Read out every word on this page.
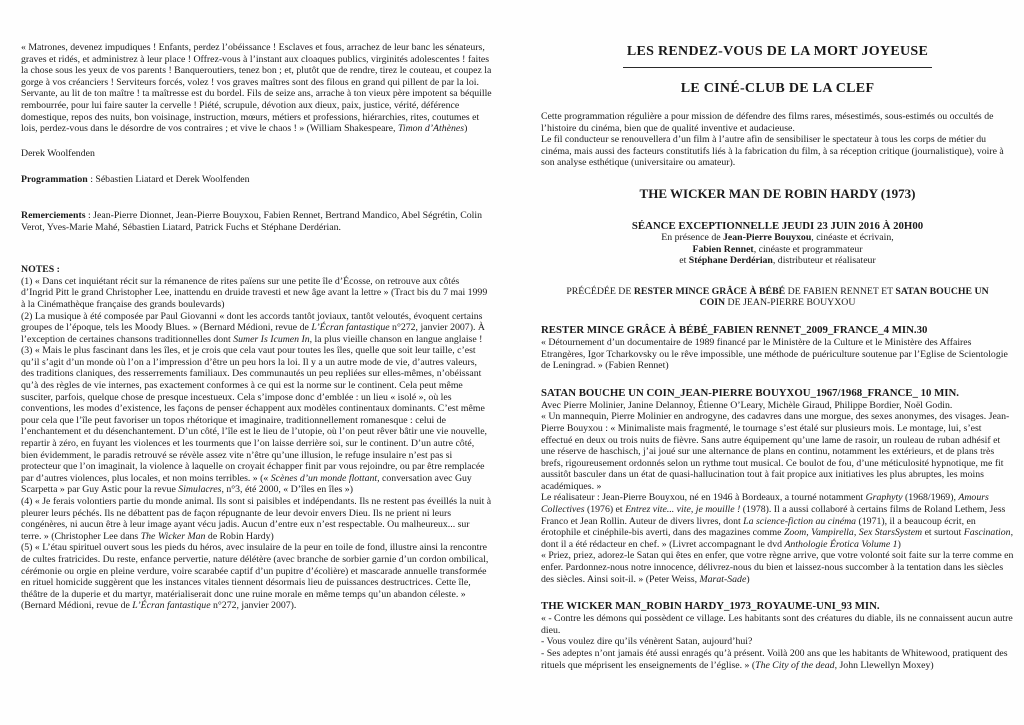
« Matrones, devenez impudiques ! Enfants, perdez l’obéissance ! Esclaves et fous, arrachez de leur banc les sénateurs, graves et ridés, et administrez à leur place ! Offrez-vous à l’instant aux cloaques publics, virginités adolescentes ! faites la chose sous les yeux de vos parents ! Banqueroutiers, tenez bon ; et, plutôt que de rendre, tirez le couteau, et coupez la gorge à vos créanciers ! Serviteurs forcés, volez ! vos graves maîtres sont des filous en grand qui pillent de par la loi. Servante, au lit de ton maître ! ta maîtresse est du bordel. Fils de seize ans, arrache à ton vieux père impotent sa béquille rembourrée, pour lui faire sauter la cervelle ! Piété, scrupule, dévotion aux dieux, paix, justice, vérité, déférence domestique, repos des nuits, bon voisinage, instruction, mœurs, métiers et professions, hiérarchies, rites, coutumes et lois, perdez-vous dans le désordre de vos contraires ; et vive le chaos ! » (William Shakespeare, Timon d’Athènes)

Derek Woolfenden

Programmation : Sébastien Liatard et Derek Woolfenden

Remerciements : Jean-Pierre Dionnet, Jean-Pierre Bouyxou, Fabien Rennet, Bertrand Mandico, Abel Ségrétin, Colin Verot, Yves-Marie Mahé, Sébastien Liatard, Patrick Fuchs et Stéphane Derdérian.

NOTES :

(1) « Dans cet inquiétant récit sur la rémanence de rites païens sur une petite île d’Écosse, on retrouve aux côtés d’Ingrid Pitt le grand Christopher Lee, inattendu en druide travesti et new âge avant la lettre » (Tract bis du 7 mai 1999 à la Cinémathèque française des grands boulevards)

(2) La musique à été composée par Paul Giovanni « dont les accords tantôt joviaux, tantôt veloutés, évoquent certains groupes de l’époque, tels les Moody Blues. » (Bernard Médioni, revue de L’Écran fantastique n°272, janvier 2007). À l’exception de certaines chansons traditionnelles dont Sumer Is Icumen In, la plus vieille chanson en langue anglaise !

(3) « Mais le plus fascinant dans les îles, et je crois que cela vaut pour toutes les îles, quelle que soit leur taille, c’est qu’il s’agit d’un monde où l’on a l’impression d’être un peu hors la loi. Il y a un autre mode de vie, d’autres valeurs, des traditions claniques, des resserrements familiaux. Des communautés un peu repliées sur elles-mêmes, n’obéissant qu’à des règles de vie internes, pas exactement conformes à ce qui est la norme sur le continent. Cela peut même susciter, parfois, quelque chose de presque incestueux. Cela s’impose donc d’emblée : un lieu « isolé », où les conventions, les modes d’existence, les façons de penser échappent aux modèles continentaux dominants. C’est même pour cela que l’île peut favoriser un topos rhétorique et imaginaire, traditionnellement romanesque : celui de l’enchantement et du désenchantement. D’un côté, l’île est le lieu de l’utopie, où l’on peut rêver bâtir une vie nouvelle, repartir à zéro, en fuyant les violences et les tourments que l’on laisse derrière soi, sur le continent. D’un autre côté, bien évidemment, le paradis retrouvé se révèle assez vite n’être qu’une illusion, le refuge insulaire n’est pas si protecteur que l’on imaginait, la violence à laquelle on croyait échapper finit par vous rejoindre, ou par être remplacée par d’autres violences, plus locales, et non moins terribles. » (« Scènes d’un monde flottant, conversation avec Guy Scarpetta » par Guy Astic pour la revue Simulacres, n°3, été 2000, « D’îles en îles »)

(4) « Je ferais volontiers partie du monde animal. Ils sont si paisibles et indépendants. Ils ne restent pas éveillés la nuit à pleurer leurs péchés. Ils ne débattent pas de façon répugnante de leur devoir envers Dieu. Ils ne prient ni leurs congénères, ni aucun être à leur image ayant vécu jadis. Aucun d’entre eux n’est respectable. Ou malheureux... sur terre. » (Christopher Lee dans The Wicker Man de Robin Hardy)

(5) « L’étau spirituel ouvert sous les pieds du héros, avec insulaire de la peur en toile de fond, illustre ainsi la rencontre de cultes fratricides. Du reste, enfance pervertie, nature délétère (avec branche de sorbier garnie d’un cordon ombilical, cérémonie ou orgie en pleine verdure, voire scarabée captif d’un pupitre d’écolière) et mascarade annuelle transformée en rituel homicide suggèrent que les instances vitales tiennent désormais lieu de puissances destructrices. Cette île, théâtre de la duperie et du martyr, matérialiserait donc une ruine morale en même temps qu’un abandon céleste. » (Bernard Médioni, revue de L’Écran fantastique n°272, janvier 2007).

LES RENDEZ-VOUS DE LA MORT JOYEUSE
LE CINÉ-CLUB DE LA CLEF

Cette programmation régulière a pour mission de défendre des films rares, mésestimés, sous-estimés ou occultés de l’histoire du cinéma, bien que de qualité inventive et audacieuse.

Le fil conducteur se renouvellera d’un film à l’autre afin de sensibiliser le spectateur à tous les corps de métier du cinéma, mais aussi des facteurs constitutifs liés à la fabrication du film, à sa réception critique (journalistique), voire à son analyse esthétique (universitaire ou amateur).

THE WICKER MAN DE ROBIN HARDY (1973)

SÉANCE EXCEPTIONNELLE JEUDI 23 JUIN 2016 À 20H00

En présence de Jean-Pierre Bouyxou, cinéaste et écrivain,

Fabien Rennet, cinéaste et programmateur

et Stéphane Derdérian, distributeur et réalisateur

PRÉCÉDÉE DE RESTER MINCE GRÂCE À BÉBÉ DE FABIEN RENNET ET SATAN BOUCHE UN COIN DE JEAN-PIERRE BOUYXOU

RESTER MINCE GRÂCE À BÉBÉ_FABIEN RENNET_2009_FRANCE_4 MIN.30

« Détournement d’un documentaire de 1989 financé par le Ministère de la Culture et le Ministère des Affaires Etrangères, Igor Tcharkovsky ou le rêve impossible, une méthode de puériculture soutenue par l’Eglise de Scientologie de Leningrad. » (Fabien Rennet)

SATAN BOUCHE UN COIN_JEAN-PIERRE BOUYXOU_1967/1968_FRANCE_ 10 MIN.

Avec Pierre Molinier, Janine Delannoy, Étienne O’Leary, Michèle Giraud, Philippe Bordier, Noël Godin.

« Un mannequin, Pierre Molinier en androgyne, des cadavres dans une morgue, des sexes anonymes, des visages. Jean-Pierre Bouyxou : « Minimaliste mais fragmenté, le tournage s’est étalé sur plusieurs mois. Le montage, lui, s’est effectué en deux ou trois nuits de fièvre. Sans autre équipement qu’une lame de rasoir, un rouleau de ruban adhésif et une réserve de haschisch, j’ai joué sur une alternance de plans en continu, notamment les extérieurs, et de plans très brefs, rigoureusement ordonnés selon un rythme tout musical. Ce boulot de fou, d’une méticulosité hypnotique, me fit aussitôt basculer dans un état de quasi-hallucination tout à fait propice aux initiatives les plus abruptes, les moins académiques. »

Le réalisateur : Jean-Pierre Bouyxou, né en 1946 à Bordeaux, a tourné notamment Graphyty (1968/1969), Amours Collectives (1976) et Entrez vite... vite, je mouille ! (1978). Il a aussi collaboré à certains films de Roland Lethem, Jess Franco et Jean Rollin. Auteur de divers livres, dont La science-fiction au cinéma (1971), il a beaucoup écrit, en érotophile et cinéphile-bis averti, dans des magazines comme Zoom, Vampirella, Sex StarsSystem et surtout Fascination, dont il a été rédacteur en chef. » (Livret accompagnant le dvd Anthologie Érotica Volume 1)

« Priez, priez, adorez-le Satan qui êtes en enfer, que votre règne arrive, que votre volonté soit faite sur la terre comme en enfer. Pardonnez-nous notre innocence, délivrez-nous du bien et laissez-nous succomber à la tentation dans les siècles des siècles. Ainsi soit-il. » (Peter Weiss, Marat-Sade)

THE WICKER MAN_ROBIN HARDY_1973_ROYAUME-UNI_93 MIN.

« - Contre les démons qui possèdent ce village. Les habitants sont des créatures du diable, ils ne connaissent aucun autre dieu.

- Vous voulez dire qu’ils vénèrent Satan, aujourd’hui?

- Ses adeptes n’ont jamais été aussi enragés qu’à présent. Voilà 200 ans que les habitants de Whitewood, pratiquent des rituels que méprisent les enseignements de l’église. » (The City of the dead, John Llewellyn Moxey)
